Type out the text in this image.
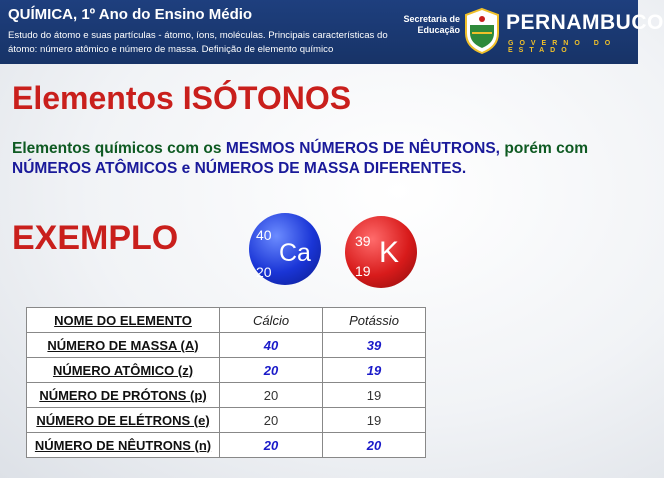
QUÍMICA, 1º Ano do Ensino Médio
Estudo do átomo e suas partículas - átomo, íons, moléculas. Principais características do átomo: número atômico e número de massa. Definição de elemento químico
Secretaria de Educação PERNAMBUCO
GOVERNO DO ESTADO
Elementos ISÓTONOS
Elementos químicos com os MESMOS NÚMEROS DE NÊUTRONS, porém com NÚMEROS ATÔMICOS e NÚMEROS DE MASSA DIFERENTES.
EXEMPLO	40
Ca
20
39 K
19
NOME DO ELEMENTO	Cálcio	Potássio
NÚMERO DE MASSA (A)	40	39
NÚMERO ATÔMICO (z)	20	19
NÚMERO DE PRÓTONS (p)	20	19
NÚMERO DE ELÉTRONS (e)	20	19
NÚMERO DE NÊUTRONS (n)	20	20
